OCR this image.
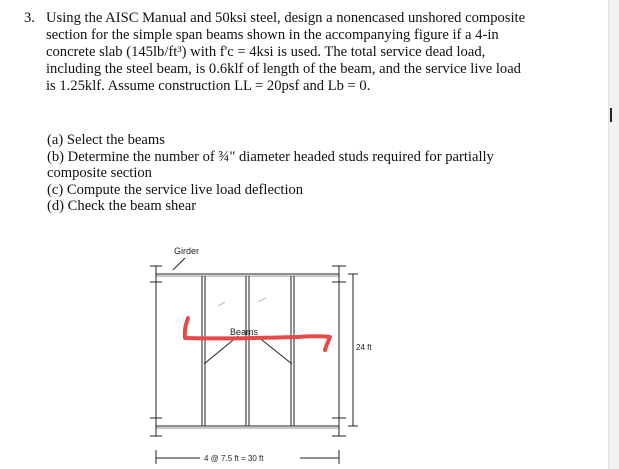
3. Using the AISC Manual and 50ksi steel, design a nonencased unshored composite
section for the simple span beams shown in the accompanying figure if a 4-in
concrete slab (145lb/ft³) with f'c = 4ksi is used. The total service dead load,
including the steel beam, is 0.6klf of length of the beam, and the service live load
is 1.25klf. Assume construction LL = 20psf and Lb = 0.
(a) Select the beams
(b) Determine the number of ¾" diameter headed studs required for partially
composite section
(c) Compute the service live load deflection
(d) Check the beam shear
Girder
Beams
24 ft
4 @ 7.5 ft = 30 ft
